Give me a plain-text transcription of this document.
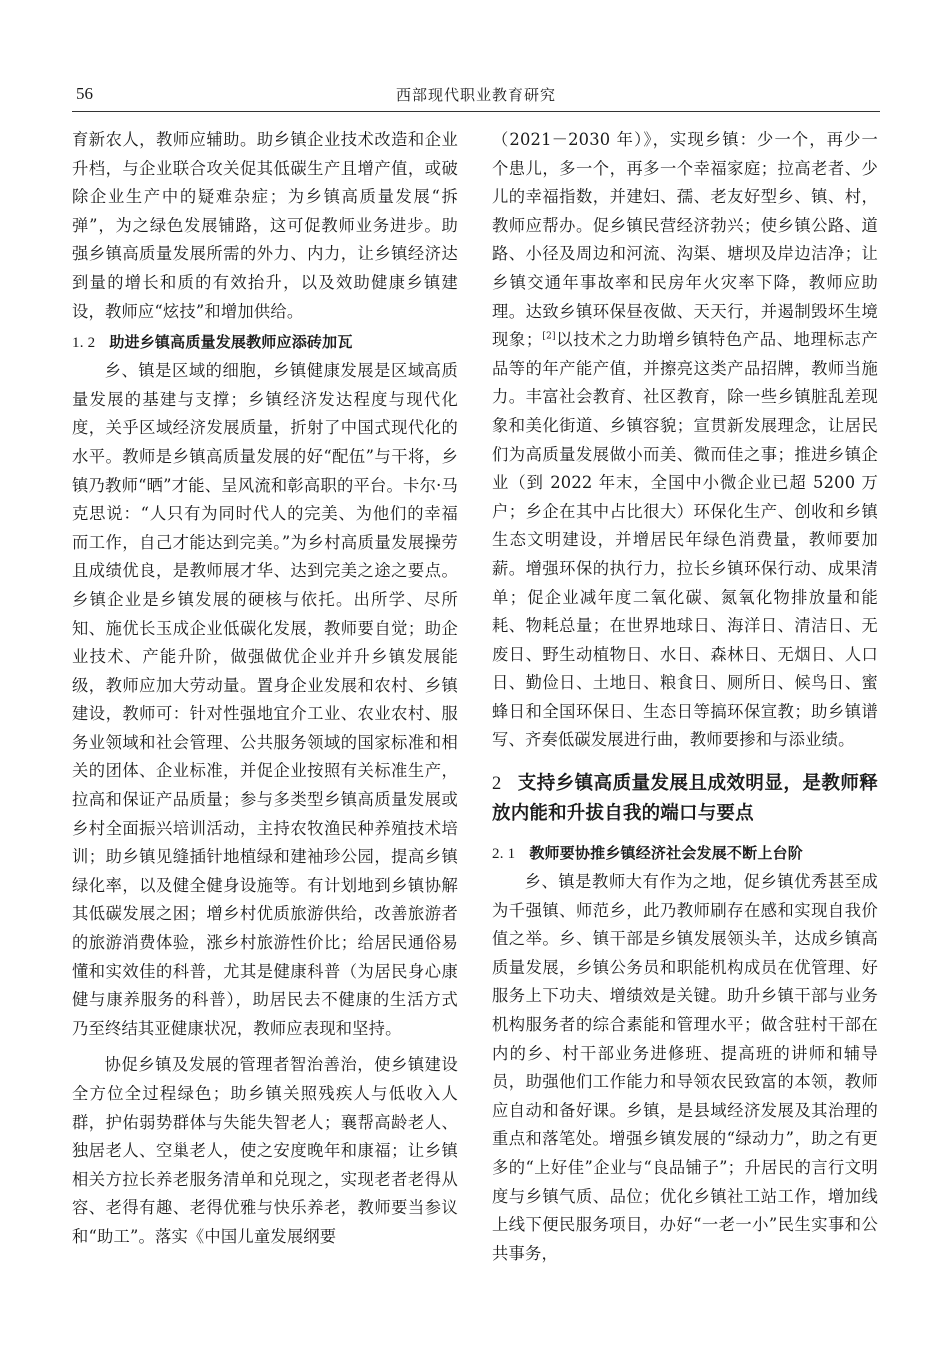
56	西部现代职业教育研究

育新农人，教师应辅助。助乡镇企业技术改造和企业升档，与企业联合攻关促其低碳生产且增产值，或破除企业生产中的疑难杂症；为乡镇高质量发展“拆弹”，为之绿色发展铺路，这可促教师业务进步。助强乡镇高质量发展所需的外力、内力，让乡镇经济达到量的增长和质的有效抬升，以及效助健康乡镇建设，教师应“炫技”和增加供给。

1. 2 助进乡镇高质量发展教师应添砖加瓦

乡、镇是区域的细胞，乡镇健康发展是区域高质量发展的基建与支撑；乡镇经济发达程度与现代化度，关乎区域经济发展质量，折射了中国式现代化的水平。教师是乡镇高质量发展的好“配伍”与干将，乡镇乃教师“晒”才能、呈风流和彰高职的平台。卡尔·马克思说：“人只有为同时代人的完美、为他们的幸福而工作，自己才能达到完美。”为乡村高质量发展操劳且成绩优良，是教师展才华、达到完美之途之要点。乡镇企业是乡镇发展的硬核与依托。出所学、尽所知、施优长玉成企业低碳化发展，教师要自觉；助企业技术、产能升阶，做强做优企业并升乡镇发展能级，教师应加大劳动量。置身企业发展和农村、乡镇建设，教师可：针对性强地宜介工业、农业农村、服务业领域和社会管理、公共服务领域的国家标准和相关的团体、企业标准，并促企业按照有关标准生产，拉高和保证产品质量；参与多类型乡镇高质量发展或乡村全面振兴培训活动，主持农牧渔民种养殖技术培训；助乡镇见缝插针地植绿和建袖珍公园，提高乡镇绿化率，以及健全健身设施等。有计划地到乡镇协解其低碳发展之困；增乡村优质旅游供给，改善旅游者的旅游消费体验，涨乡村旅游性价比；给居民通俗易懂和实效佳的科普，尤其是健康科普（为居民身心康健与康养服务的科普），助居民去不健康的生活方式乃至终结其亚健康状况，教师应表现和坚持。

协促乡镇及发展的管理者智治善治，使乡镇建设全方位全过程绿色；助乡镇关照残疾人与低收入人群，护佑弱势群体与失能失智老人；襄帮高龄老人、独居老人、空巢老人，使之安度晚年和康福；让乡镇相关方拉长养老服务清单和兑现之，实现老者老得从容、老得有趣、老得优雅与快乐养老，教师要当参议和“助工”。落实《中国儿童发展纲要

（2021－2030 年）》，实现乡镇：少一个，再少一个患儿，多一个，再多一个幸福家庭；拉高老者、少儿的幸福指数，并建妇、孺、老友好型乡、镇、村，教师应帮办。促乡镇民营经济勃兴；使乡镇公路、道路、小径及周边和河流、沟渠、塘坝及岸边洁净；让乡镇交通年事故率和民房年火灾率下降，教师应助理。达致乡镇环保昼夜做、天天行，并遏制毁坏生境现象；[2]以技术之力助增乡镇特色产品、地理标志产品等的年产能产值，并擦亮这类产品招牌，教师当施力。丰富社会教育、社区教育，除一些乡镇脏乱差现象和美化街道、乡镇容貌；宣贯新发展理念，让居民们为高质量发展做小而美、微而佳之事；推进乡镇企业（到 2022 年末，全国中小微企业已超 5200 万户；乡企在其中占比很大）环保化生产、创收和乡镇生态文明建设，并增居民年绿色消费量，教师要加薪。增强环保的执行力，拉长乡镇环保行动、成果清单；促企业减年度二氧化碳、氮氧化物排放量和能耗、物耗总量；在世界地球日、海洋日、清洁日、无废日、野生动植物日、水日、森林日、无烟日、人口日、勤俭日、土地日、粮食日、厕所日、候鸟日、蜜蜂日和全国环保日、生态日等搞环保宣教；助乡镇谱写、齐奏低碳发展进行曲，教师要掺和与添业绩。

2 支持乡镇高质量发展且成效明显，是教师释放内能和升拔自我的端口与要点
2. 1 教师要协推乡镇经济社会发展不断上台阶

乡、镇是教师大有作为之地，促乡镇优秀甚至成为千强镇、师范乡，此乃教师刷存在感和实现自我价值之举。乡、镇干部是乡镇发展领头羊，达成乡镇高质量发展，乡镇公务员和职能机构成员在优管理、好服务上下功夫、增绩效是关键。助升乡镇干部与业务机构服务者的综合素能和管理水平；做含驻村干部在内的乡、村干部业务进修班、提高班的讲师和辅导员，助强他们工作能力和导领农民致富的本领，教师应自动和备好课。乡镇，是县域经济发展及其治理的重点和落笔处。增强乡镇发展的“绿动力”，助之有更多的“上好佳”企业与“良品铺子”；升居民的言行文明度与乡镇气质、品位；优化乡镇社工站工作，增加线上线下便民服务项目，办好“一老一小”民生实事和公共事务，
